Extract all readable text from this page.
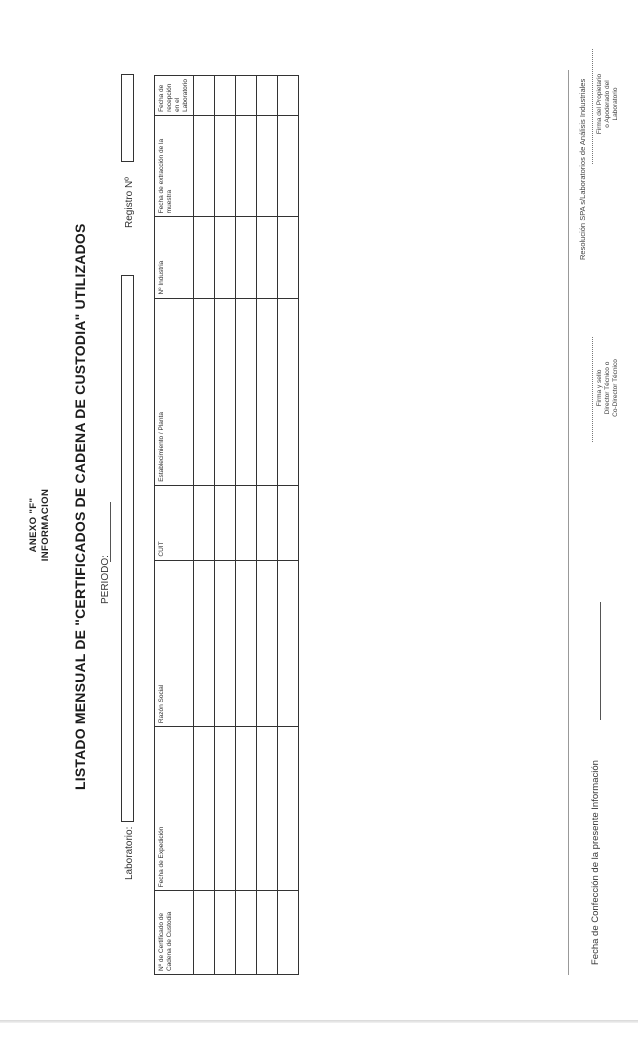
Resolución SPA s/Laboratorios de Análisis Industriales
ANEXO "F" INFORMACION LISTADO MENSUAL DE "CERTIFICADOS DE CADENA DE CUSTODIA" UTILIZADOS PERIODO:
Laboratorio:
Registro Nº
Nº de Certificado de Cadena de Custodia	Fecha de Expedición	Razón Social	CUIT	Establecimiento / Planta	Nº Industria	Fecha de extracción de la muestra	Fecha de recepción en el Laboratorio

Fecha de Confección de la presente Información
Firma y sello Director Técnico o Co-Director Técnico
Firma del Propietario o Apoderado del Laboratorio
